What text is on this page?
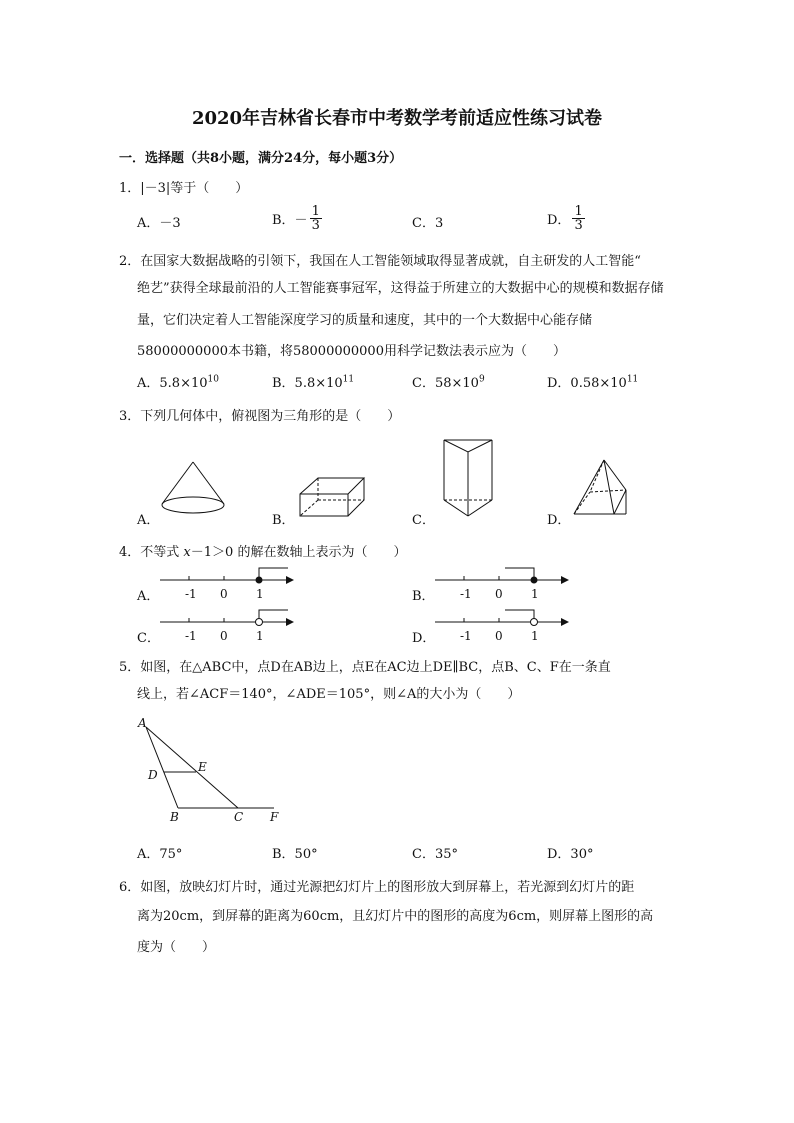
2020年吉林省长春市中考数学考前适应性练习试卷
一．选择题（共8小题，满分24分，每小题3分）
1．|－3|等于（　　）
A．－3	B．－ $\frac{1}{3}$	C．3	D． $\frac{1}{3}$
2．在国家大数据战略的引领下，我国在人工智能领域取得显著成就，自主研发的人工智能“
绝艺”获得全球最前沿的人工智能赛事冠军，这得益于所建立的大数据中心的规模和数据存储量，它们决定着人工智能深度学习的质量和速度，其中的一个大数据中心能存储58000000000本书籍，将58000000000用科学记数法表示应为（　　）
A．$5.8\times 10^{10}$	B．$5.8\times 10^{11}$	C．$58\times 10^9$	D．$0.58\times 10^{11}$
3．下列几何体中，俯视图为三角形的是（　　）
A．	B．	C．	D．
4．不等式 x－1＞0 的解在数轴上表示为（　　）
A．	B．
C．	D．
-1 0 1	-1 0 1
-1 0 1	-1 0 1
5．如图，在△ABC中，点D在AB边上，点E在AC边上DE∥BC，点B、C、F在一条直
线上，若∠ACF＝140°，∠ADE＝105°，则∠A的大小为（　　）
A
D
E
B	C F
A．75°	B．50°	C．35°	D．30°
6．如图，放映幻灯片时，通过光源把幻灯片上的图形放大到屏幕上，若光源到幻灯片的距
离为20cm，到屏幕的距离为60cm，且幻灯片中的图形的高度为6cm，则屏幕上图形的高
度为（　　）
